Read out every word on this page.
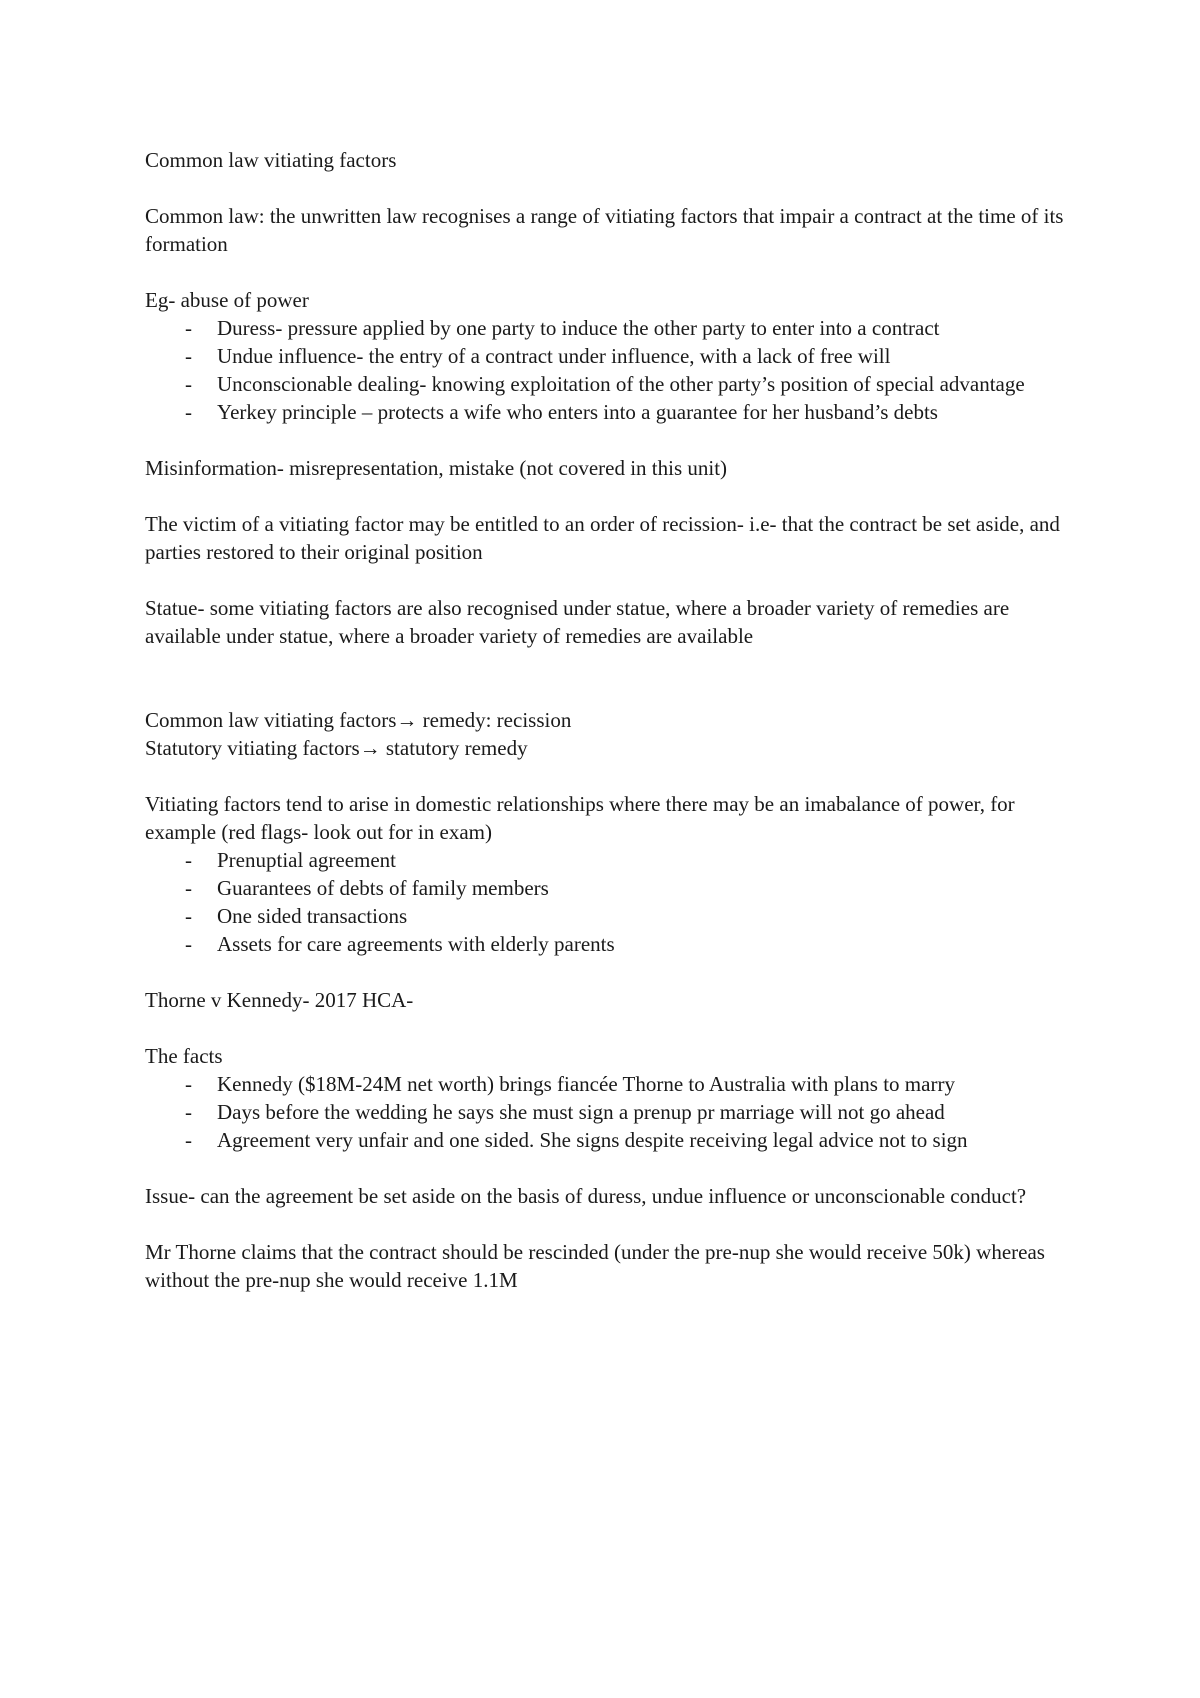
Common law vitiating factors

Common law: the unwritten law recognises a range of vitiating factors that impair a contract at the time of its formation

Eg- abuse of power

- Duress- pressure applied by one party to induce the other party to enter into a contract
- Undue influence- the entry of a contract under influence, with a lack of free will
- Unconscionable dealing- knowing exploitation of the other party’s position of special advantage
- Yerkey principle – protects a wife who enters into a guarantee for her husband’s debts

Misinformation- misrepresentation, mistake (not covered in this unit)

The victim of a vitiating factor may be entitled to an order of recission- i.e- that the contract be set aside, and parties restored to their original position

Statue- some vitiating factors are also recognised under statue, where a broader variety of remedies are available under statue, where a broader variety of remedies are available

Common law vitiating factors→ remedy: recission

Statutory vitiating factors→ statutory remedy

Vitiating factors tend to arise in domestic relationships where there may be an imabalance of power, for example (red flags- look out for in exam)

- Prenuptial agreement
- Guarantees of debts of family members
- One sided transactions
- Assets for care agreements with elderly parents

Thorne v Kennedy- 2017 HCA-

The facts

- Kennedy ($18M-24M net worth) brings fiancée Thorne to Australia with plans to marry
- Days before the wedding he says she must sign a prenup pr marriage will not go ahead
- Agreement very unfair and one sided. She signs despite receiving legal advice not to sign

Issue- can the agreement be set aside on the basis of duress, undue influence or unconscionable conduct?

Mr Thorne claims that the contract should be rescinded (under the pre-nup she would receive 50k) whereas without the pre-nup she would receive 1.1M
